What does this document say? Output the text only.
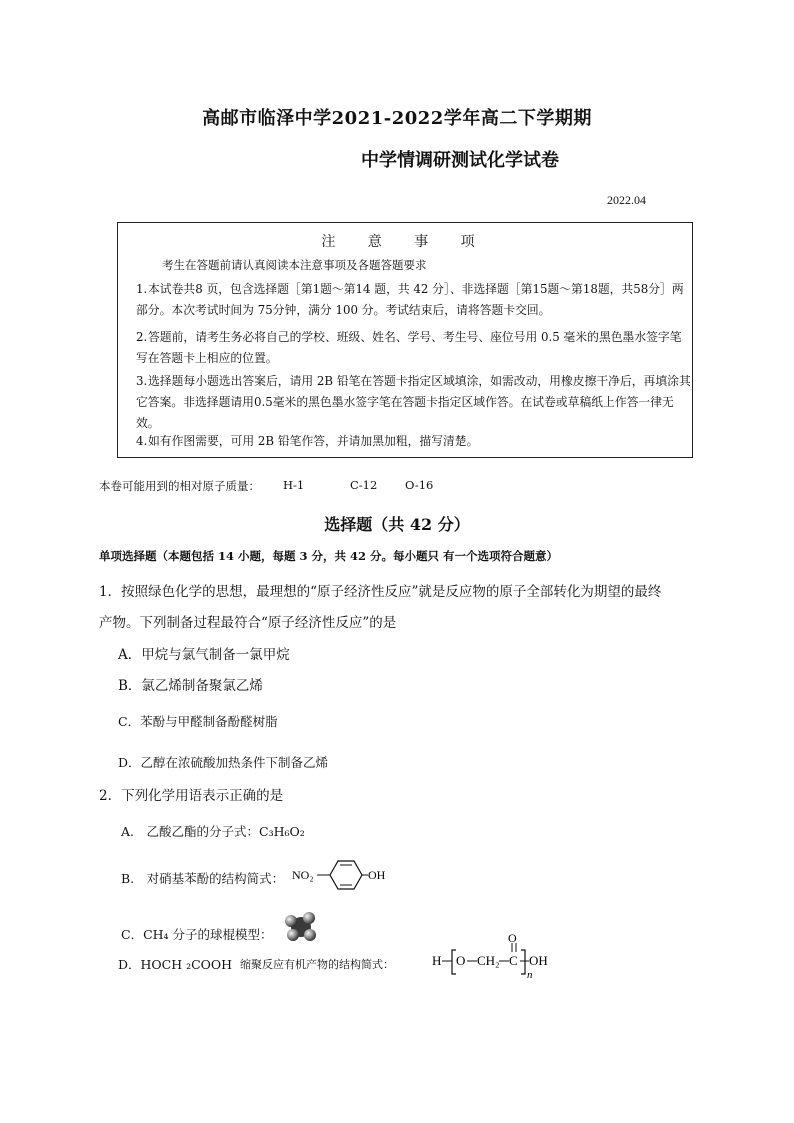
高邮市临泽中学2021-2022学年高二下学期期
中学情调研测试化学试卷
2022.04
注 意 事 项
考生在答题前请认真阅读本注意事项及各题答题要求
1.本试卷共8 页，包含选择题［第1题～第14 题，共 42 分］、非选择题［第15题～第18题，共58分］两部分。本次考试时间为 75分钟，满分 100 分。考试结束后，请将答题卡交回。
2.答题前，请考生务必将自己的学校、班级、姓名、学号、考生号、座位号用 0.5 毫米的黑色墨水签字笔写在答题卡上相应的位置。
3.选择题每小题选出答案后，请用 2B 铅笔在答题卡指定区域填涂，如需改动，用橡皮擦干净后，再填涂其它答案。非选择题请用0.5毫米的黑色墨水签字笔在答题卡指定区域作答。在试卷或草稿纸上作答一律无效。
4.如有作图需要，可用 2B 铅笔作答，并请加黑加粗，描写清楚。
本卷可能用到的相对原子质量： H-1	C-12 O-16
选择题（共 42 分）
单项选择题（本题包括 14 小题，每题 3 分，共 42 分。每小题只 有一个选项符合题意）
1．按照绿色化学的思想，最理想的“原子经济性反应”就是反应物的原子全部转化为期望的最终
产物。下列制备过程最符合“原子经济性反应”的是
A．甲烷与氯气制备一氯甲烷
B．氯乙烯制备聚氯乙烯
C．苯酚与甲醛制备酚醛树脂
D．乙醇在浓硫酸加热条件下制备乙烯
2．下列化学用语表示正确的是
A.　乙酸乙酯的分子式：C₃H₆O₂
B.　对硝基苯酚的结构简式： NO₂	OH
C．CH₄ 分子的球棍模型：
D．HOCH ₂COOH 缩聚反应有机产物的结构简式：	H O CH₂ C
O
n
OH
